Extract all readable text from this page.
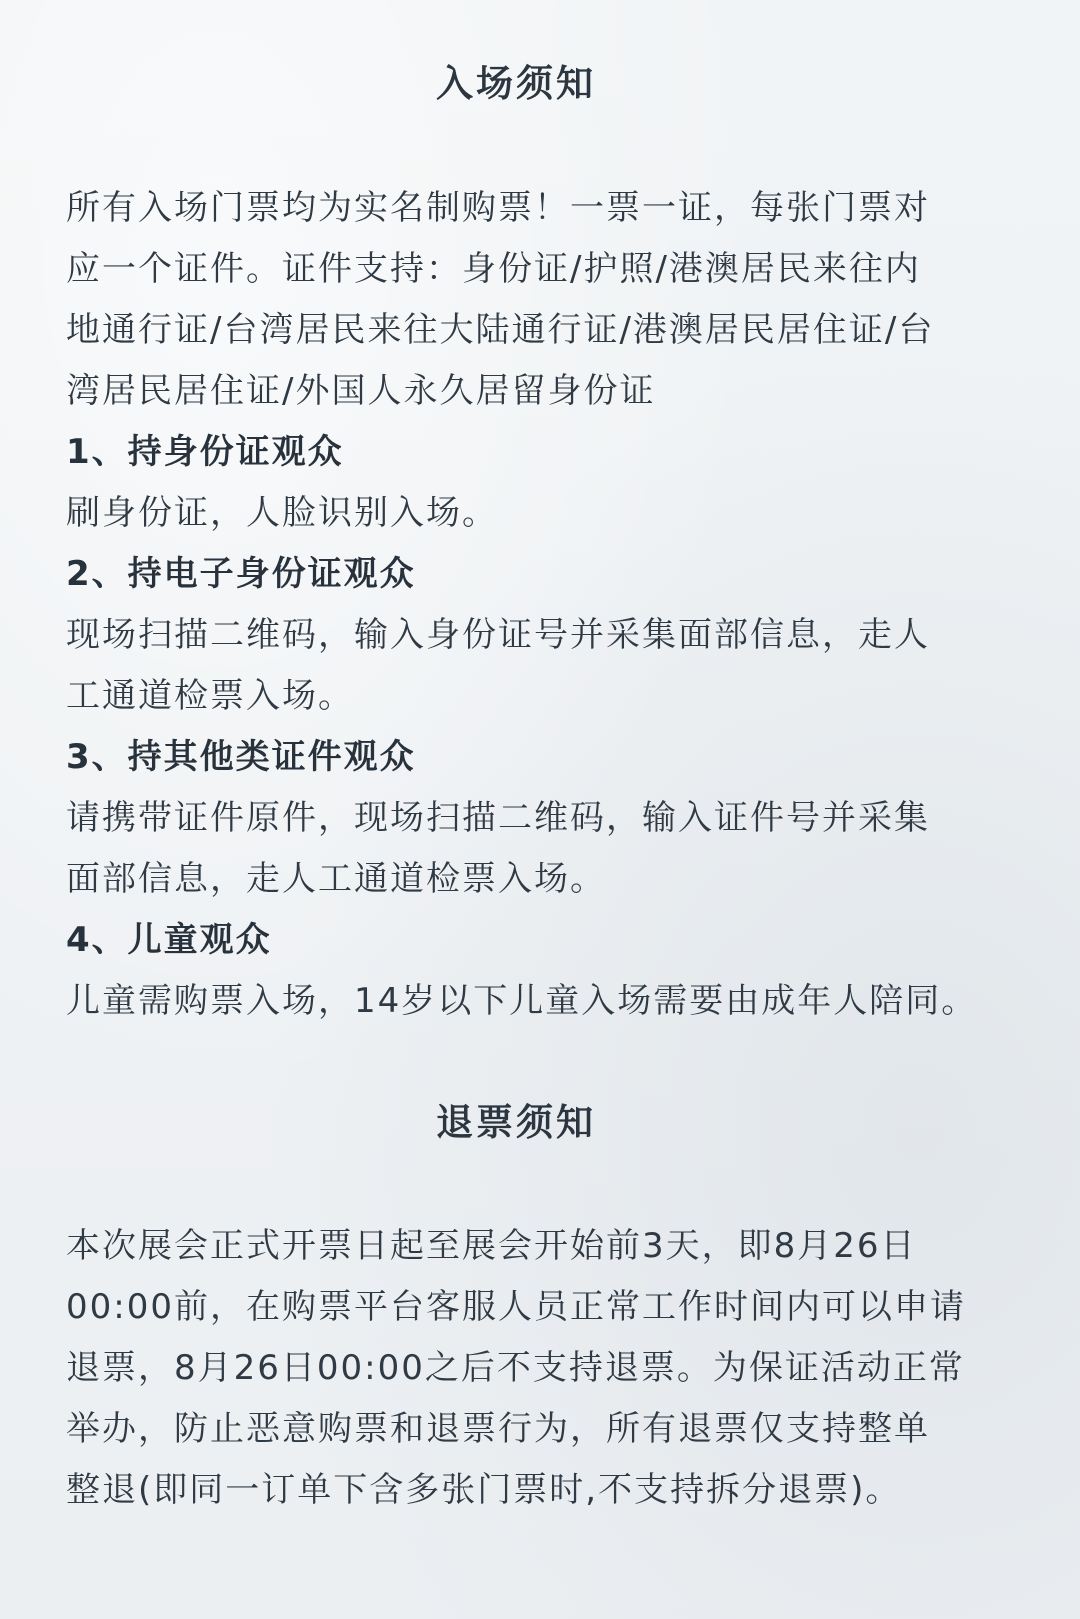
入场须知

所有入场门票均为实名制购票！一票一证，每张门票对

应一个证件。证件支持：身份证/护照/港澳居民来往内

地通行证/台湾居民来往大陆通行证/港澳居民居住证/台

湾居民居住证/外国人永久居留身份证

1、持身份证观众

刷身份证，人脸识别入场。

2、持电子身份证观众

现场扫描二维码，输入身份证号并采集面部信息，走人

工通道检票入场。

3、持其他类证件观众

请携带证件原件，现场扫描二维码，输入证件号并采集

面部信息，走人工通道检票入场。

4、儿童观众

儿童需购票入场，14岁以下儿童入场需要由成年人陪同。

退票须知

本次展会正式开票日起至展会开始前3天，即8月26日

00:00前，在购票平台客服人员正常工作时间内可以申请

退票，8月26日00:00之后不支持退票。为保证活动正常

举办，防止恶意购票和退票行为，所有退票仅支持整单

整退(即同一订单下含多张门票时,不支持拆分退票)。
